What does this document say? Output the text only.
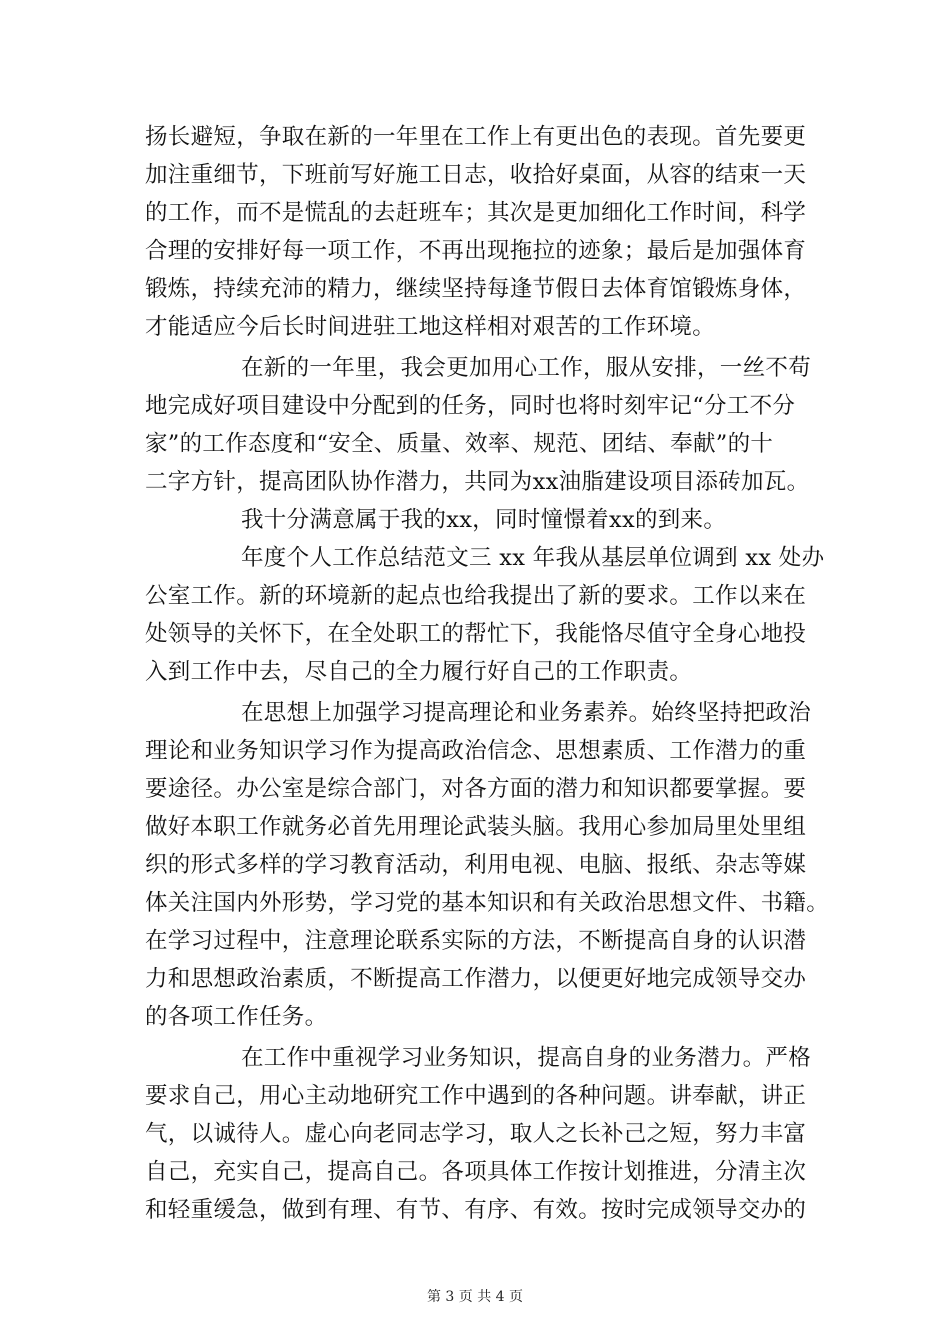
扬长避短，争取在新的一年里在工作上有更出色的表现。首先要更
加注重细节，下班前写好施工日志，收拾好桌面，从容的结束一天
的工作，而不是慌乱的去赶班车；其次是更加细化工作时间，科学
合理的安排好每一项工作，不再出现拖拉的迹象；最后是加强体育
锻炼，持续充沛的精力，继续坚持每逢节假日去体育馆锻炼身体，
才能适应今后长时间进驻工地这样相对艰苦的工作环境。
在新的一年里，我会更加用心工作，服从安排，一丝不苟
地完成好项目建设中分配到的任务，同时也将时刻牢记“分工不分
家”的工作态度和“安全、质量、效率、规范、团结、奉献”的十
二字方针，提高团队协作潜力，共同为xx油脂建设项目添砖加瓦。
我十分满意属于我的xx，同时憧憬着xx的到来。
年度个人工作总结范文三 xx 年我从基层单位调到 xx 处办
公室工作。新的环境新的起点也给我提出了新的要求。工作以来在
处领导的关怀下，在全处职工的帮忙下，我能恪尽值守全身心地投
入到工作中去，尽自己的全力履行好自己的工作职责。
在思想上加强学习提高理论和业务素养。始终坚持把政治
理论和业务知识学习作为提高政治信念、思想素质、工作潜力的重
要途径。办公室是综合部门，对各方面的潜力和知识都要掌握。要
做好本职工作就务必首先用理论武装头脑。我用心参加局里处里组
织的形式多样的学习教育活动，利用电视、电脑、报纸、杂志等媒
体关注国内外形势，学习党的基本知识和有关政治思想文件、书籍。
在学习过程中，注意理论联系实际的方法，不断提高自身的认识潜
力和思想政治素质，不断提高工作潜力，以便更好地完成领导交办
的各项工作任务。
在工作中重视学习业务知识，提高自身的业务潜力。严格
要求自己，用心主动地研究工作中遇到的各种问题。讲奉献，讲正
气，以诚待人。虚心向老同志学习，取人之长补己之短，努力丰富
自己，充实自己，提高自己。各项具体工作按计划推进，分清主次
和轻重缓急，做到有理、有节、有序、有效。按时完成领导交办的
第 3 页 共 4 页
